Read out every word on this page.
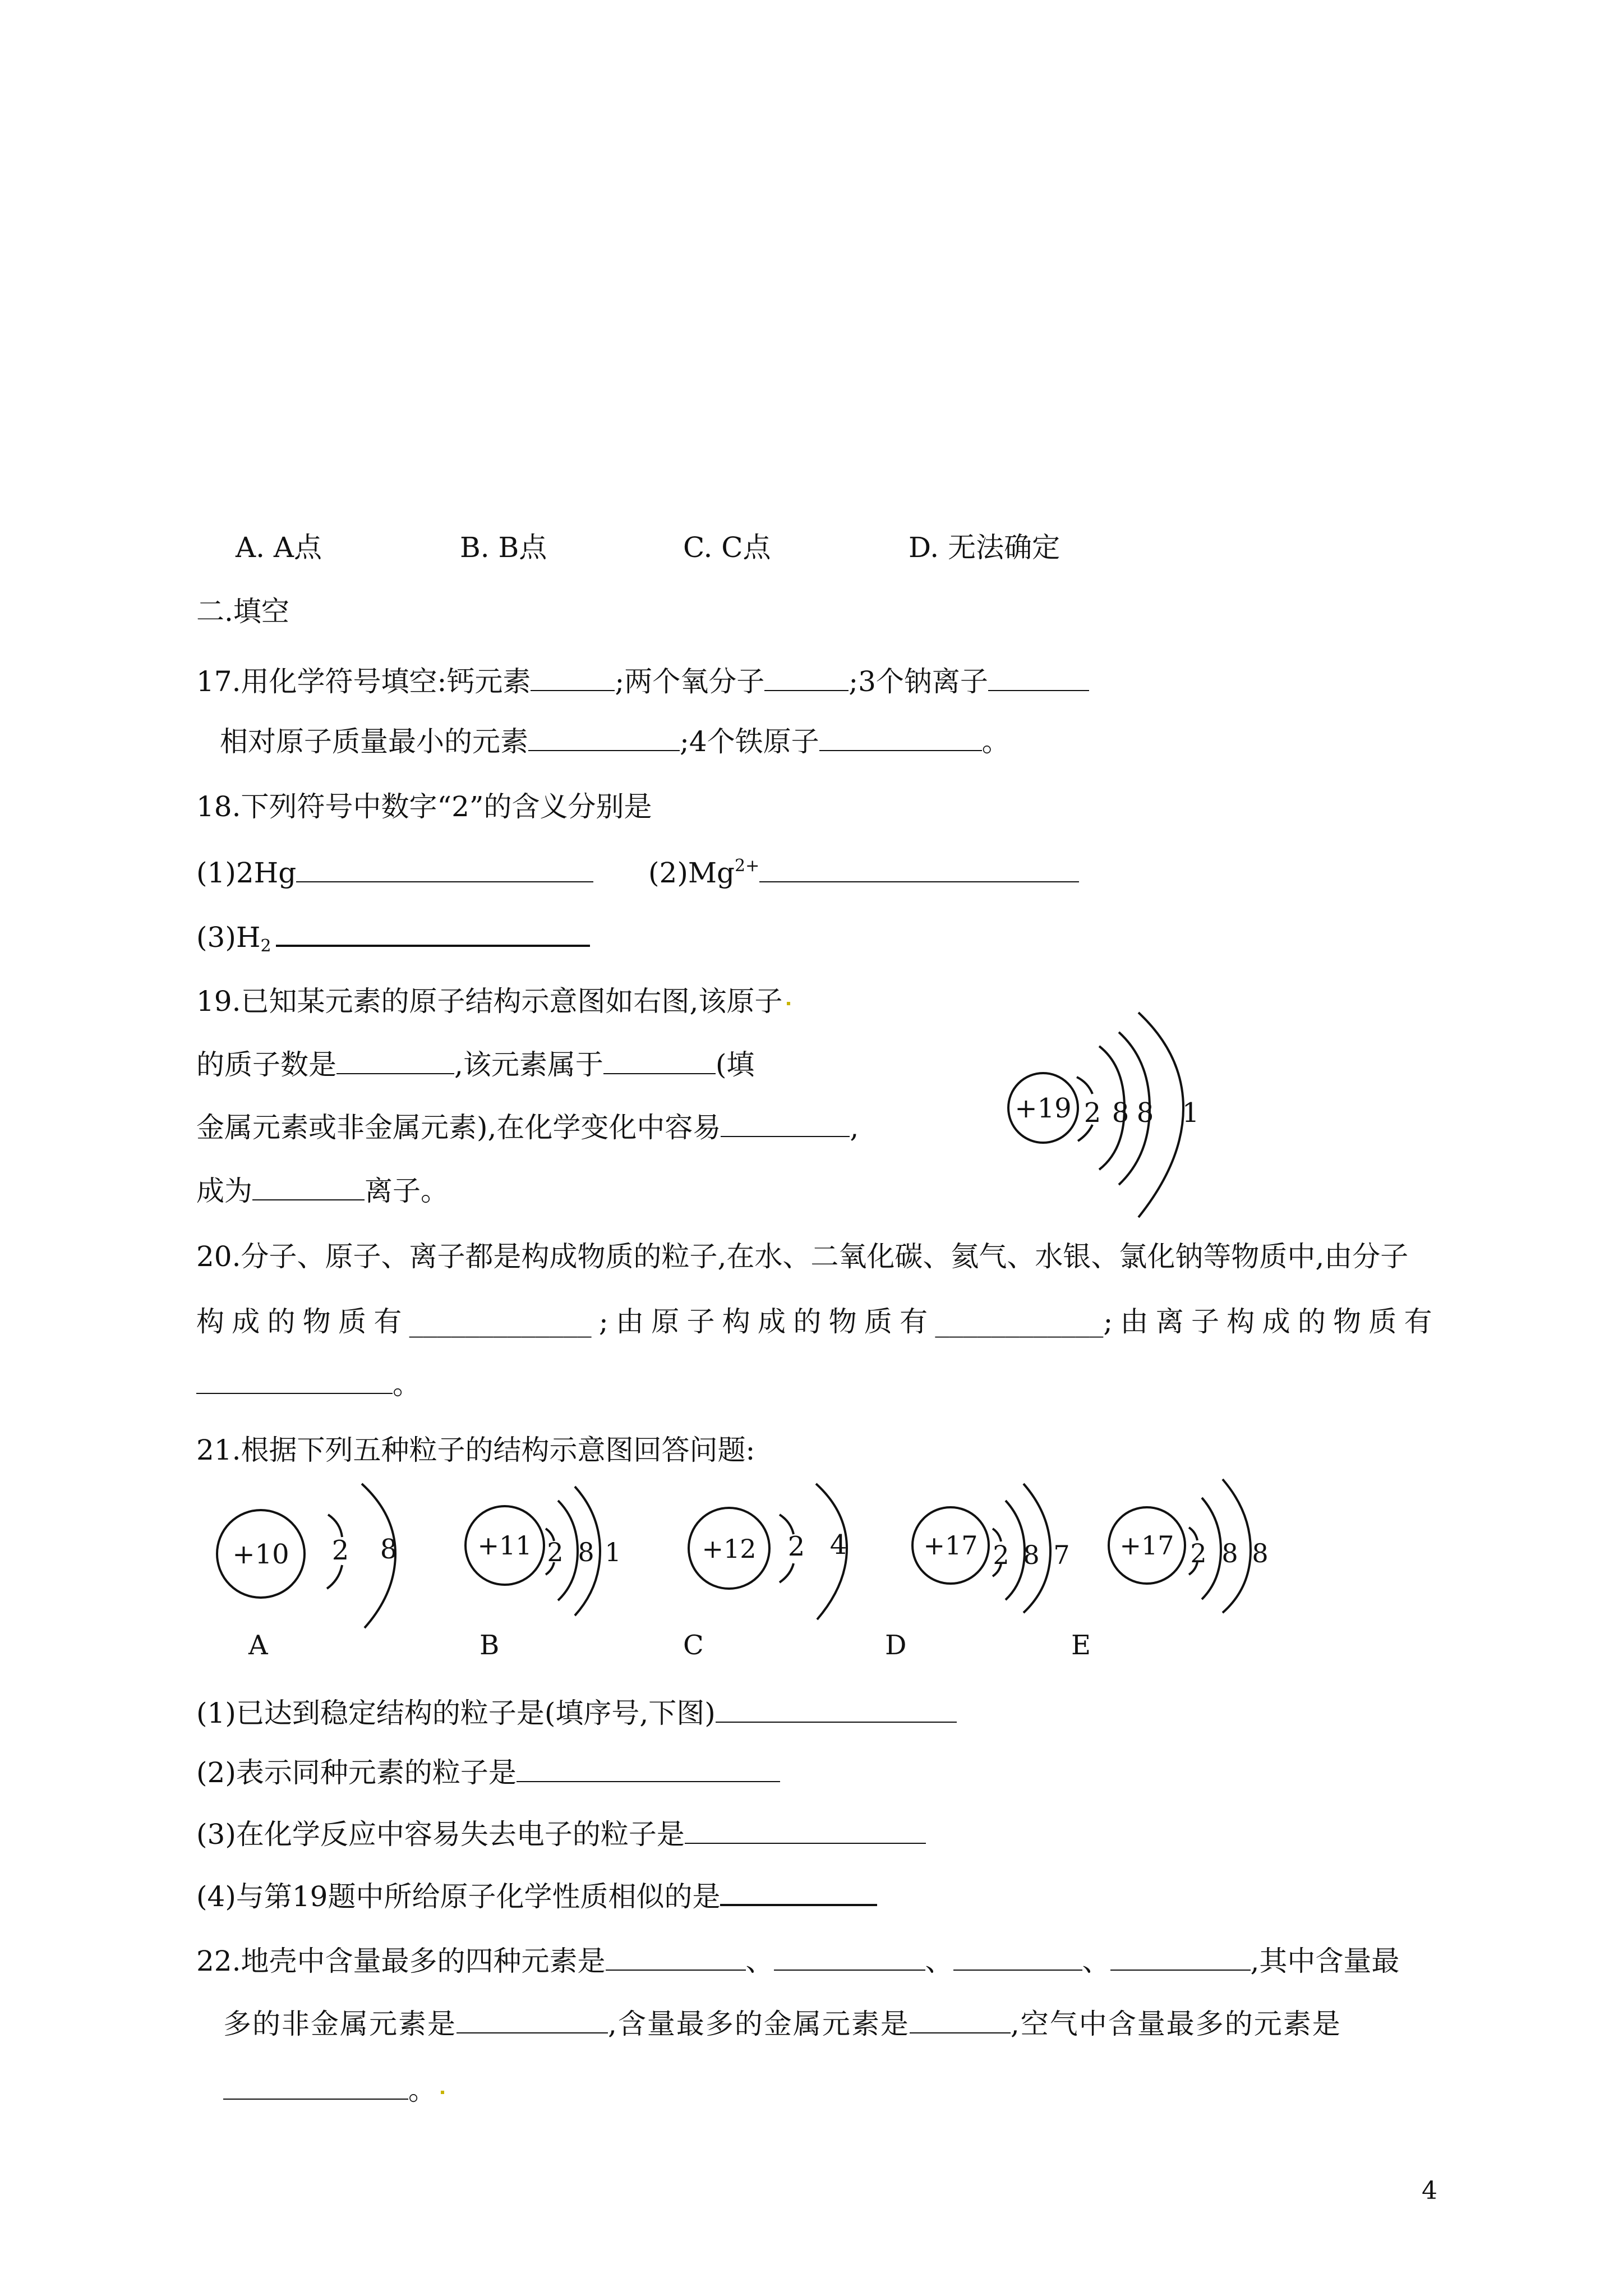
A. A点	B. B点	C. C点	D. 无法确定
二.填空
17.用化学符号填空:钙元素	;两个氧分子	;3个钠离子
相对原子质量最小的元素	;4个铁原子	。
18.下列符号中数字“2”的含义分别是
(1)2Hg	$(2)Mg^{2+}$
$(3)H_2$
19.已知某元素的原子结构示意图如右图,该原子
的质子数是	,该元素属于	(填
金属元素或非金属元素),在化学变化中容易	,
成为	离子。
+19 2 8 8 1
20.分子、原子、离子都是构成物质的粒子,在水、二氧化碳、氦气、水银、氯化钠等物质中,由分子
构 成 的 物 质 有 _____________ ; 由 原 子 构 成 的 物 质 有 ____________; 由 离 子 构 成 的 物 质 有
。
21.根据下列五种粒子的结构示意图回答问题:
+10 2 8	+11 2 8 1	+12 2 4	+17 2 8 7 +17 2 8 8
A	B	C	D	E
(1)已达到稳定结构的粒子是(填序号,下图)
(2)表示同种元素的粒子是
(3)在化学反应中容易失去电子的粒子是
(4)与第19题中所给原子化学性质相似的是
22.地壳中含量最多的四种元素是	、	、	、	,其中含量最
多的非金属元素是	,含量最多的金属元素是	,空气中含量最多的元素是
。
4
